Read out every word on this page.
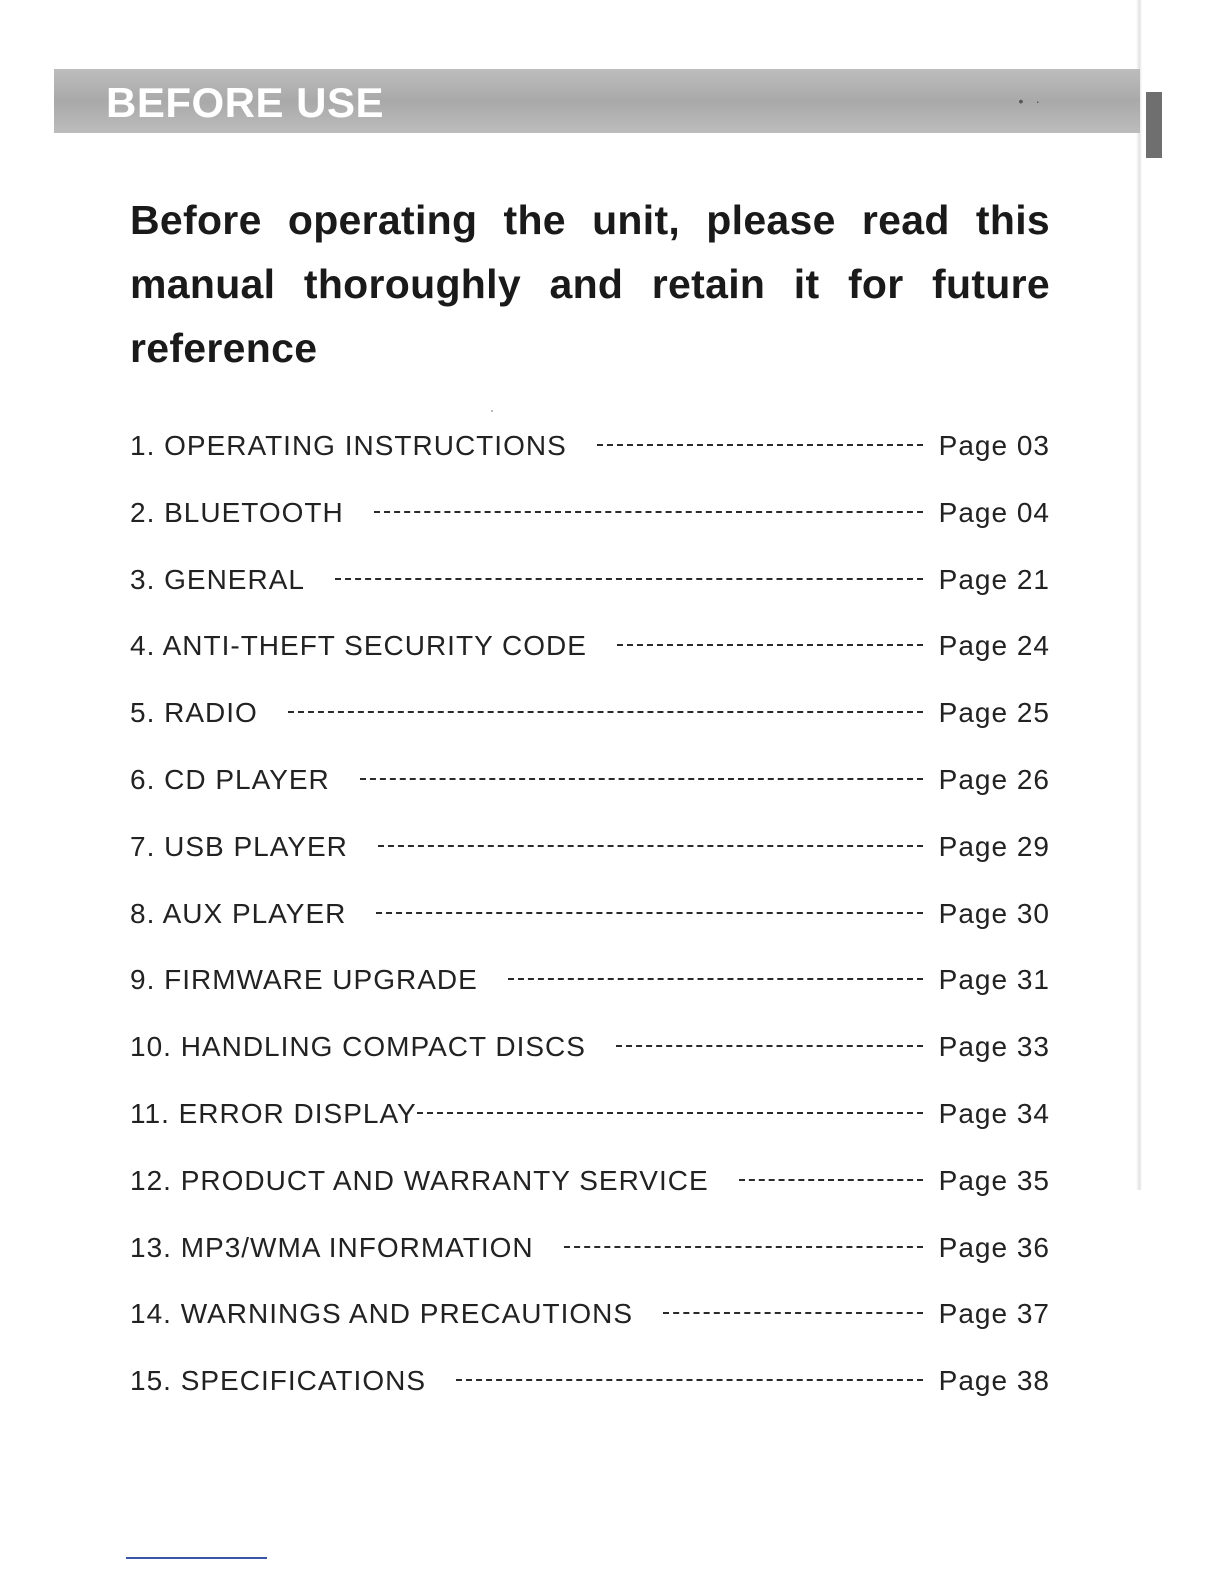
BEFORE USE	• ·
Before operating the unit, please read this manual thoroughly and retain it for future reference
1. OPERATING INSTRUCTIONS	Page 03
2. BLUETOOTH	Page 04
3. GENERAL	Page 21
4. ANTI-THEFT SECURITY CODE	Page 24
5. RADIO	Page 25
6. CD PLAYER	Page 26
7. USB PLAYER	Page 29
8. AUX PLAYER	Page 30
9. FIRMWARE UPGRADE	Page 31
10. HANDLING COMPACT DISCS	Page 33
11. ERROR DISPLAY	Page 34
12. PRODUCT AND WARRANTY SERVICE	Page 35
13. MP3/WMA INFORMATION	Page 36
14. WARNINGS AND PRECAUTIONS	Page 37
15. SPECIFICATIONS	Page 38
